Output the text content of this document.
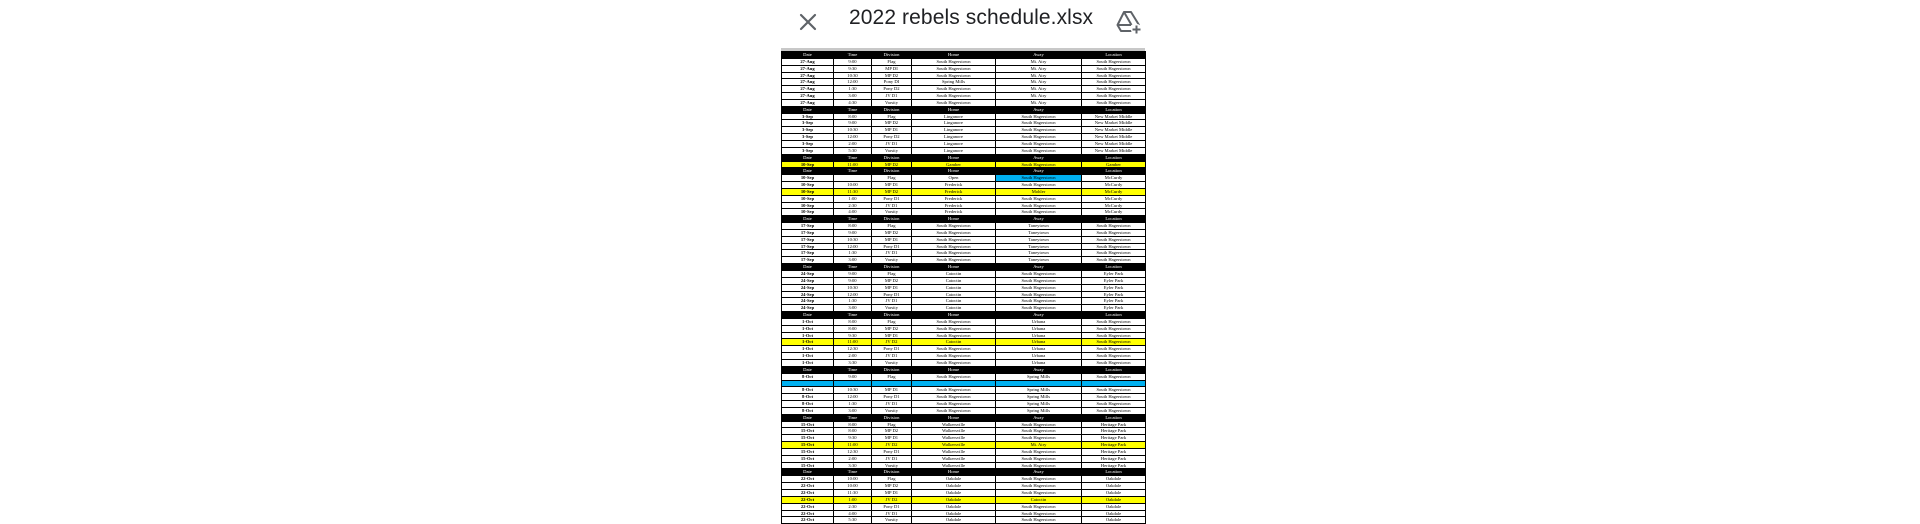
2022 rebels schedule.xlsx
Date	Time	Division	Home	Away	Location
27-Aug	9:00	Flag	South Hagerstown	Mt. Airy	South Hagerstown
27-Aug	9:30	MP DI	South Hagerstown	Mt. Airy	South Hagerstown
27-Aug	10:30	MP D2	South Hagerstown	Mt. Airy	South Hagerstown
27-Aug	12:00	Pony DI	Spring Mills	Mt. Airy	South Hagerstown
27-Aug	1:30	Pony D2	South Hagerstown	Mt. Airy	South Hagerstown
27-Aug	3:00	JV D1	South Hagerstown	Mt. Airy	South Hagerstown
27-Aug	4:30	Varsity	South Hagerstown	Mt. Airy	South Hagerstown
Date	Time	Division	Home	Away	Location
3-Sep	8:00	Flag	Linganore	South Hagerstown	New Market Middle
3-Sep	9:00	MP D2	Linganore	South Hagerstown	New Market Middle
3-Sep	10:30	MP D1	Linganore	South Hagerstown	New Market Middle
3-Sep	12:00	Pony D2	Linganore	South Hagerstown	New Market Middle
3-Sep	2:00	JV D1	Linganore	South Hagerstown	New Market Middle
3-Sep	5:30	Varsity	Linganore	South Hagerstown	New Market Middle
Date	Time	Division	Home	Away	Location
10-Sep	11:00	MP D2	Gamber	South Hagerstown	Gamber
Date	Time	Division	Home	Away	Location
10-Sep		Flag	Open	South Hagerstown	McCurdy
10-Sep	10:00	MP D1	Frederick	South Hagerstown	McCurdy
10-Sep	11:30	MP D2	Frederick	Mohler	McCurdy
10-Sep	1:00	Pony D1	Frederick	South Hagerstown	McCurdy
10-Sep	2:30	JV D1	Frederick	South Hagerstown	McCurdy
10-Sep	4:00	Varsity	Frederick	South Hagerstown	McCurdy
Date	Time	Division	Home	Away	Location
17-Sep	8:00	Flag	South Hagerstown	Taneytown	South Hagerstown
17-Sep	9:00	MP D2	South Hagerstown	Taneytown	South Hagerstown
17-Sep	10:30	MP D1	South Hagerstown	Taneytown	South Hagerstown
17-Sep	12:00	Pony D1	South Hagerstown	Taneytown	South Hagerstown
17-Sep	1:30	JV D1	South Hagerstown	Taneytown	South Hagerstown
17-Sep	3:00	Varsity	South Hagerstown	Taneytown	South Hagerstown
Date	Time	Division	Home	Away	Location
24-Sep	9:00	Flag	Catoctin	South Hagerstown	Eyler Park
24-Sep	9:00	MP D2	Catoctin	South Hagerstown	Eyler Park
24-Sep	10:30	MP D1	Catoctin	South Hagerstown	Eyler Park
24-Sep	12:00	Pony D1	Catoctin	South Hagerstown	Eyler Park
24-Sep	1:30	JV D1	Catoctin	South Hagerstown	Eyler Park
24-Sep	3:00	Varsity	Catoctin	South Hagerstown	Eyler Park
Date	Time	Division	Home	Away	Location
1-Oct	8:00	Flag	South Hagerstown	Urbana	South Hagerstown
1-Oct	8:00	MP D2	South Hagerstown	Urbana	South Hagerstown
1-Oct	9:30	MP D1	South Hagerstown	Urbana	South Hagerstown
1-Oct	11:00	JV D2	Catoctin	Urbana	South Hagerstown
1-Oct	12:30	Pony D1	South Hagerstown	Urbana	South Hagerstown
1-Oct	2:00	JV D1	South Hagerstown	Urbana	South Hagerstown
1-Oct	3:30	Varsity	South Hagerstown	Urbana	South Hagerstown
Date	Time	Division	Home	Away	Location
8-Oct	9:00	Flag	South Hagerstown	Spring Mills	South Hagerstown

8-Oct	10:30	MP D1	South Hagerstown	Spring Mills	South Hagerstown
8-Oct	12:00	Pony D1	South Hagerstown	Spring Mills	South Hagerstown
8-Oct	1:30	JV D1	South Hagerstown	Spring Mills	South Hagerstown
8-Oct	3:00	Varsity	South Hagerstown	Spring Mills	South Hagerstown
Date	Time	Division	Home	Away	Location
15-Oct	8:00	Flag	Walkersville	South Hagerstown	Heritage Park
15-Oct	8:00	MP D2	Walkersville	South Hagerstown	Heritage Park
15-Oct	9:30	MP D1	Walkersville	South Hagerstown	Heritage Park
15-Oct	11:00	JV D2	Walkersville	Mt. Airy	Heritage Park
15-Oct	12:30	Pony D1	Walkersville	South Hagerstown	Heritage Park
15-Oct	2:00	JV D1	Walkersville	South Hagerstown	Heritage Park
15-Oct	3:30	Varsity	Walkersville	South Hagerstown	Heritage Park
Date	Time	Division	Home	Away	Location
22-Oct	10:00	Flag	Oakdale	South Hagerstown	Oakdale
22-Oct	10:00	MP D2	Oakdale	South Hagerstown	Oakdale
22-Oct	11:30	MP D1	Oakdale	South Hagerstown	Oakdale
22-Oct	1:00	JV D2	Oakdale	Catoctin	Oakdale
22-Oct	2:30	Pony D1	Oakdale	South Hagerstown	Oakdale
22-Oct	4:00	JV D1	Oakdale	South Hagerstown	Oakdale
22-Oct	5:30	Varsity	Oakdale	South Hagerstown	Oakdale
